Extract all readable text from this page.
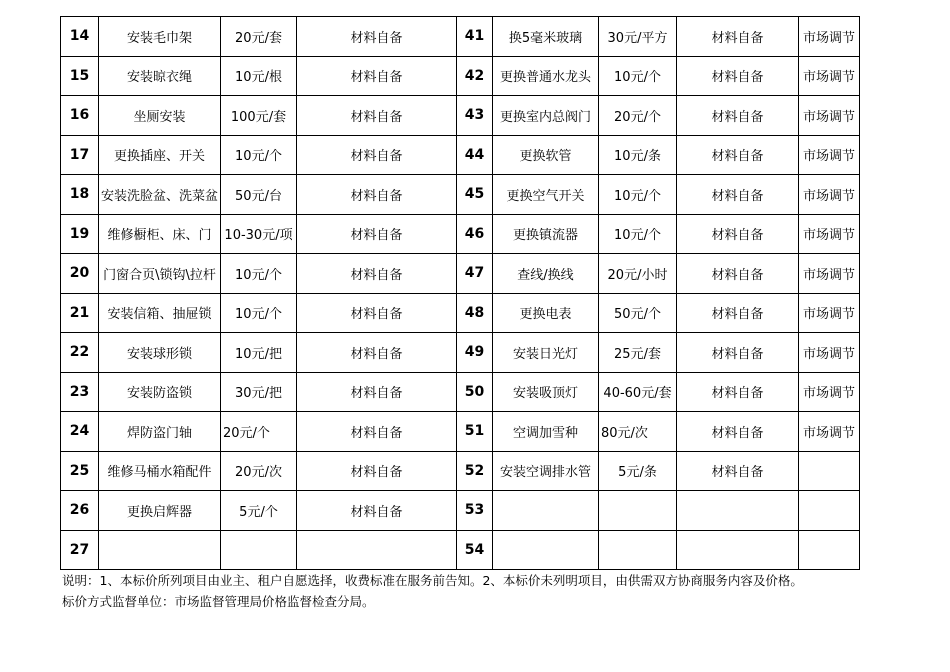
14	安装毛巾架	20元/套	材料自备	41	换5毫米玻璃	30元/平方	材料自备	市场调节
15	安装晾衣绳	10元/根	材料自备	42	更换普通水龙头	10元/个	材料自备	市场调节
16	坐厕安装	100元/套	材料自备	43	更换室内总阀门	20元/个	材料自备	市场调节
17	更换插座、开关	10元/个	材料自备	44	更换软管	10元/条	材料自备	市场调节
18	安装洗脸盆、洗菜盆	50元/台	材料自备	45	更换空气开关	10元/个	材料自备	市场调节
19	维修橱柜、床、门	10-30元/项	材料自备	46	更换镇流器	10元/个	材料自备	市场调节
20	门窗合页\锁钩\拉杆	10元/个	材料自备	47	查线/换线	20元/小时	材料自备	市场调节
21	安装信箱、抽屉锁	10元/个	材料自备	48	更换电表	50元/个	材料自备	市场调节
22	安装球形锁	10元/把	材料自备	49	安装日光灯	25元/套	材料自备	市场调节
23	安装防盗锁	30元/把	材料自备	50	安装吸顶灯	40-60元/套	材料自备	市场调节
24	焊防盗门轴	20元/个	材料自备	51	空调加雪种	80元/次	材料自备	市场调节
25	维修马桶水箱配件	20元/次	材料自备	52	安装空调排水管	5元/条	材料自备	
26	更换启辉器	5元/个	材料自备	53				
27				54				
说明：1、本标价所列项目由业主、租户自愿选择，收费标准在服务前告知。2、本标价未列明项目，由供需双方协商服务内容及价格。
标价方式监督单位：市场监督管理局价格监督检查分局。
